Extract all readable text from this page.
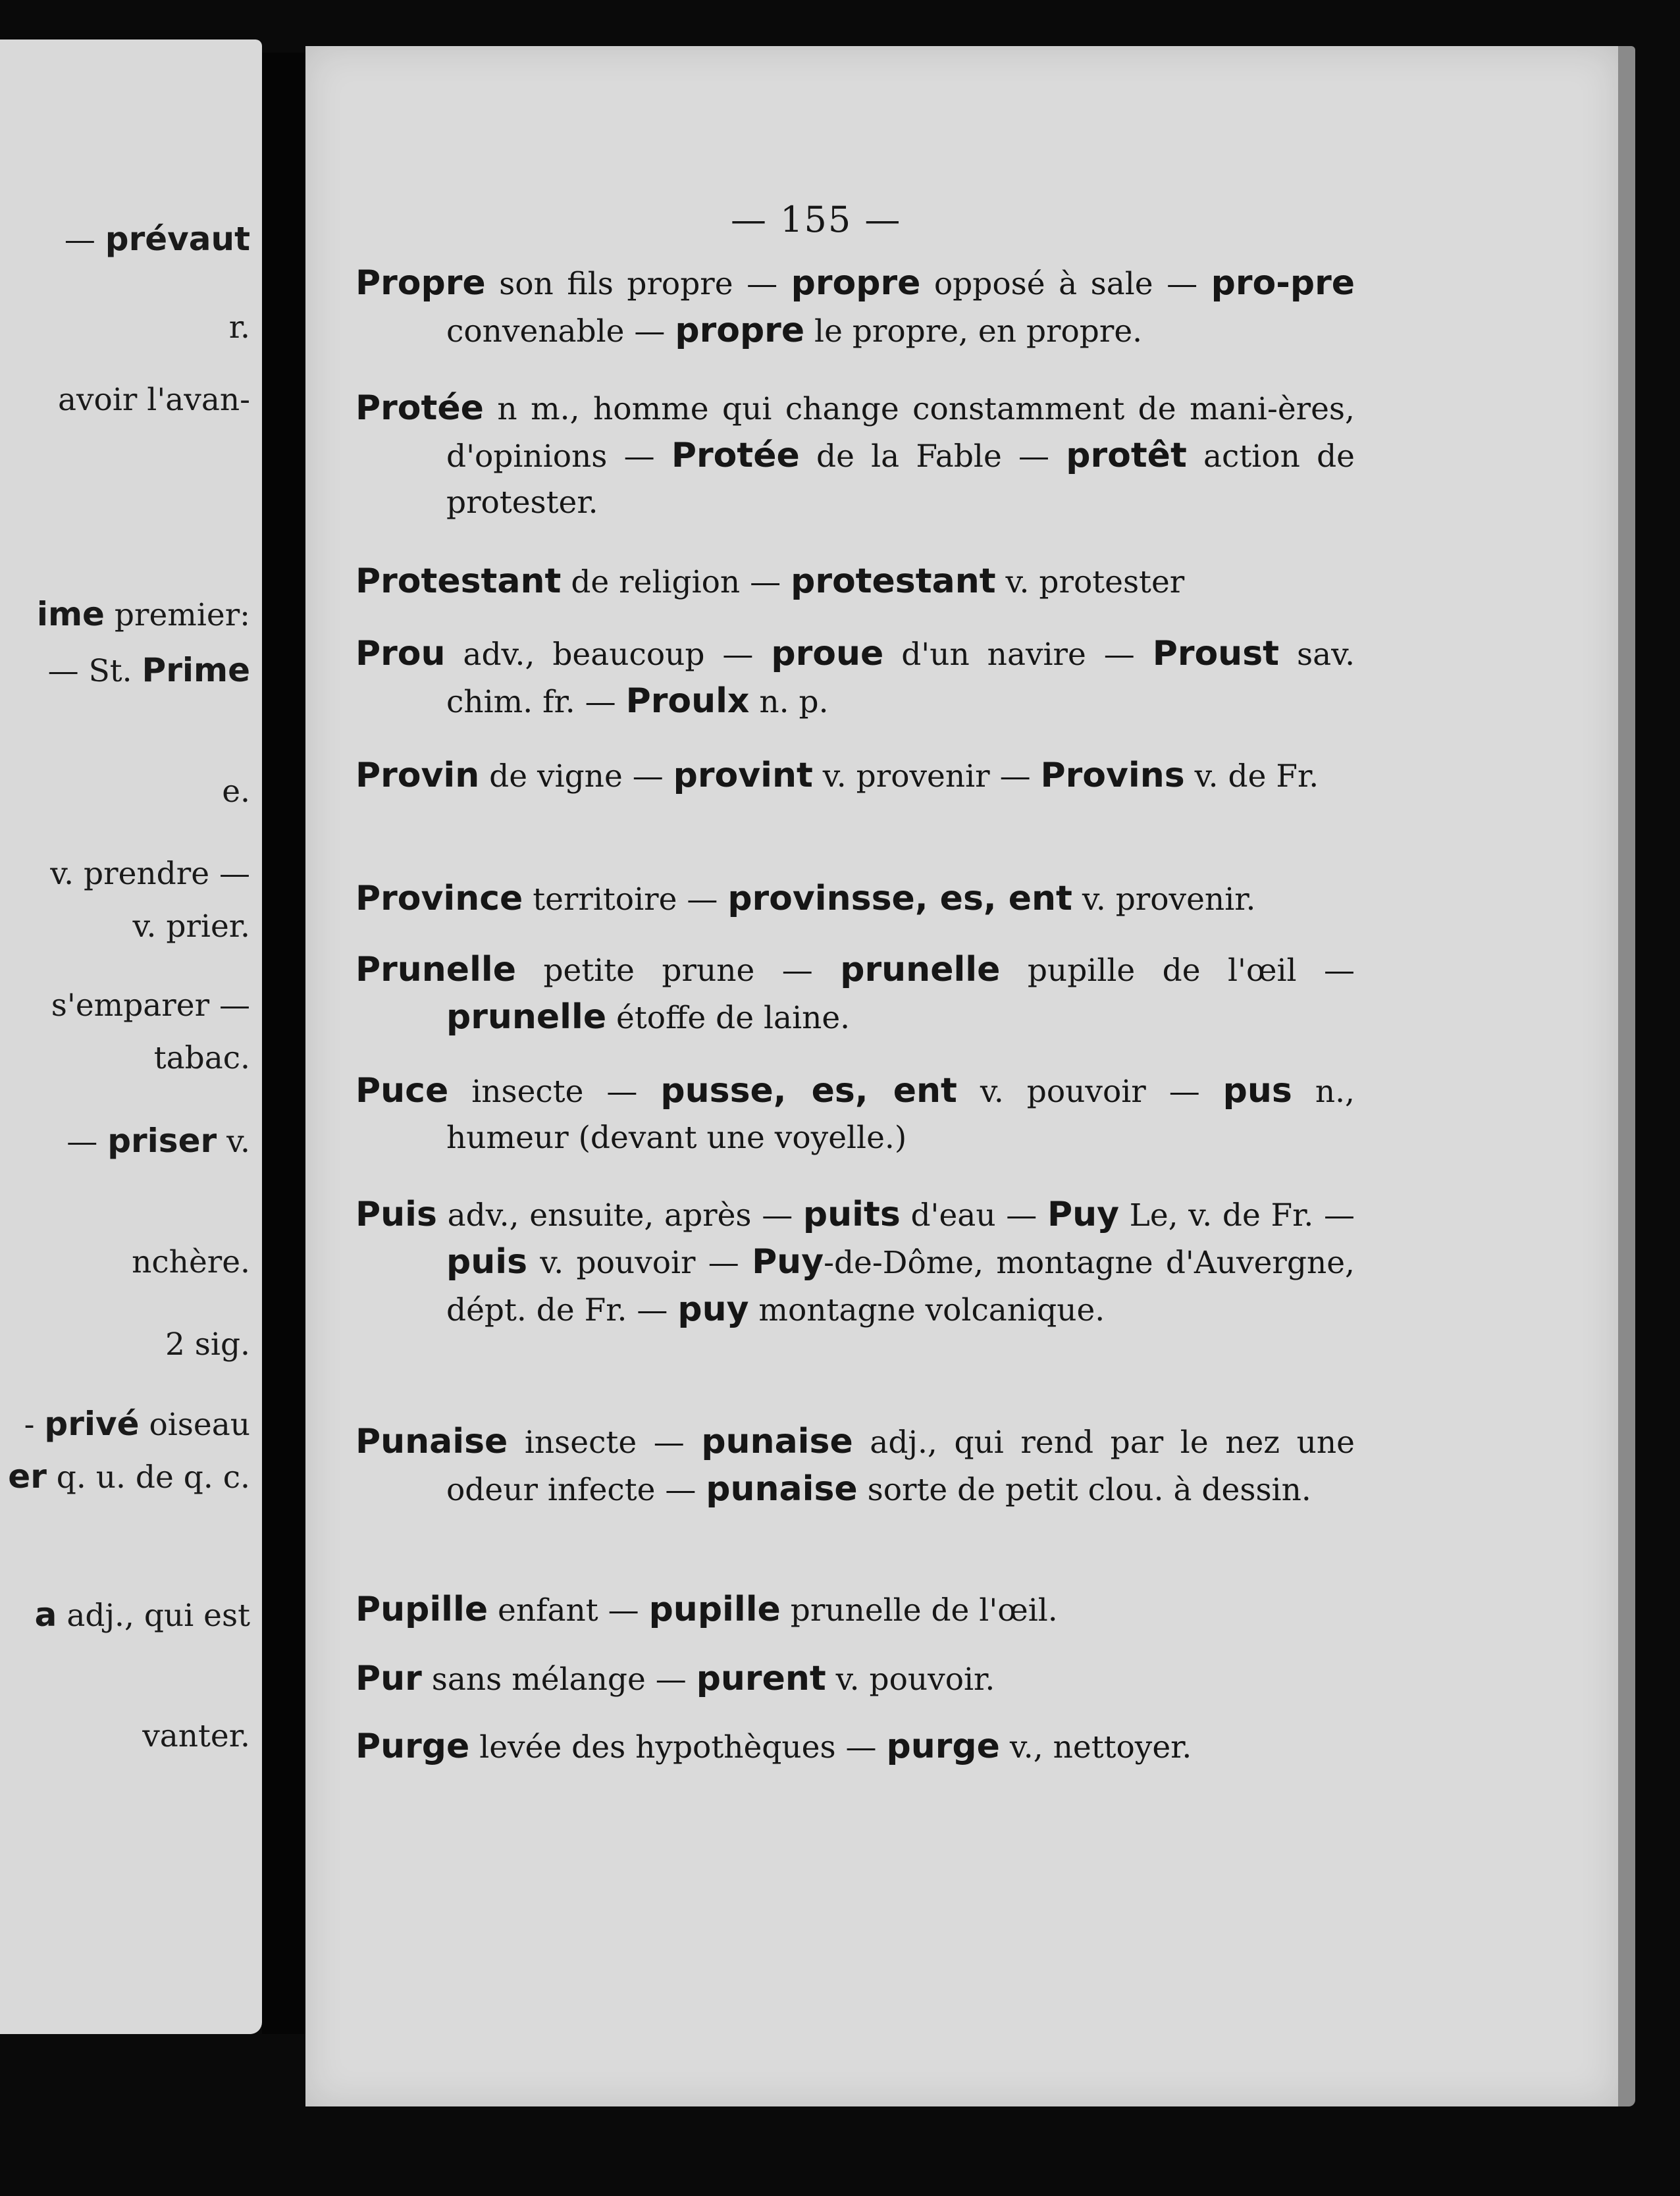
— prévaut
r.
avoir l'avan-
ime premier:
— St. Prime
e.
v. prendre —
v. prier.
s'emparer —
tabac.
— priser v.
nchère.
2 sig.
- privé oiseau
er q. u. de q. c.
a adj., qui est
vanter.
— 155 —
Propre son fils propre — propre opposé à sale — pro-pre convenable — propre le propre, en propre.
Protée n m., homme qui change constamment de mani-ères, d'opinions — Protée de la Fable — protêt action de protester.
Protestant de religion — protestant v. protester
Prou adv., beaucoup — proue d'un navire — Proust sav. chim. fr. — Proulx n. p.
Provin de vigne — provint v. provenir — Provins v. de Fr.
Province territoire — provinsse, es, ent v. provenir.
Prunelle petite prune — prunelle pupille de l'œil — prunelle étoffe de laine.
Puce insecte — pusse, es, ent v. pouvoir — pus n., humeur (devant une voyelle.)
Puis adv., ensuite, après — puits d'eau — Puy Le, v. de Fr. — puis v. pouvoir — Puy-de-Dôme, montagne d'Auvergne, dépt. de Fr. — puy montagne volcanique.
Punaise insecte — punaise adj., qui rend par le nez une odeur infecte — punaise sorte de petit clou. à dessin.
Pupille enfant — pupille prunelle de l'œil.
Pur sans mélange — purent v. pouvoir.
Purge levée des hypothèques — purge v., nettoyer.
